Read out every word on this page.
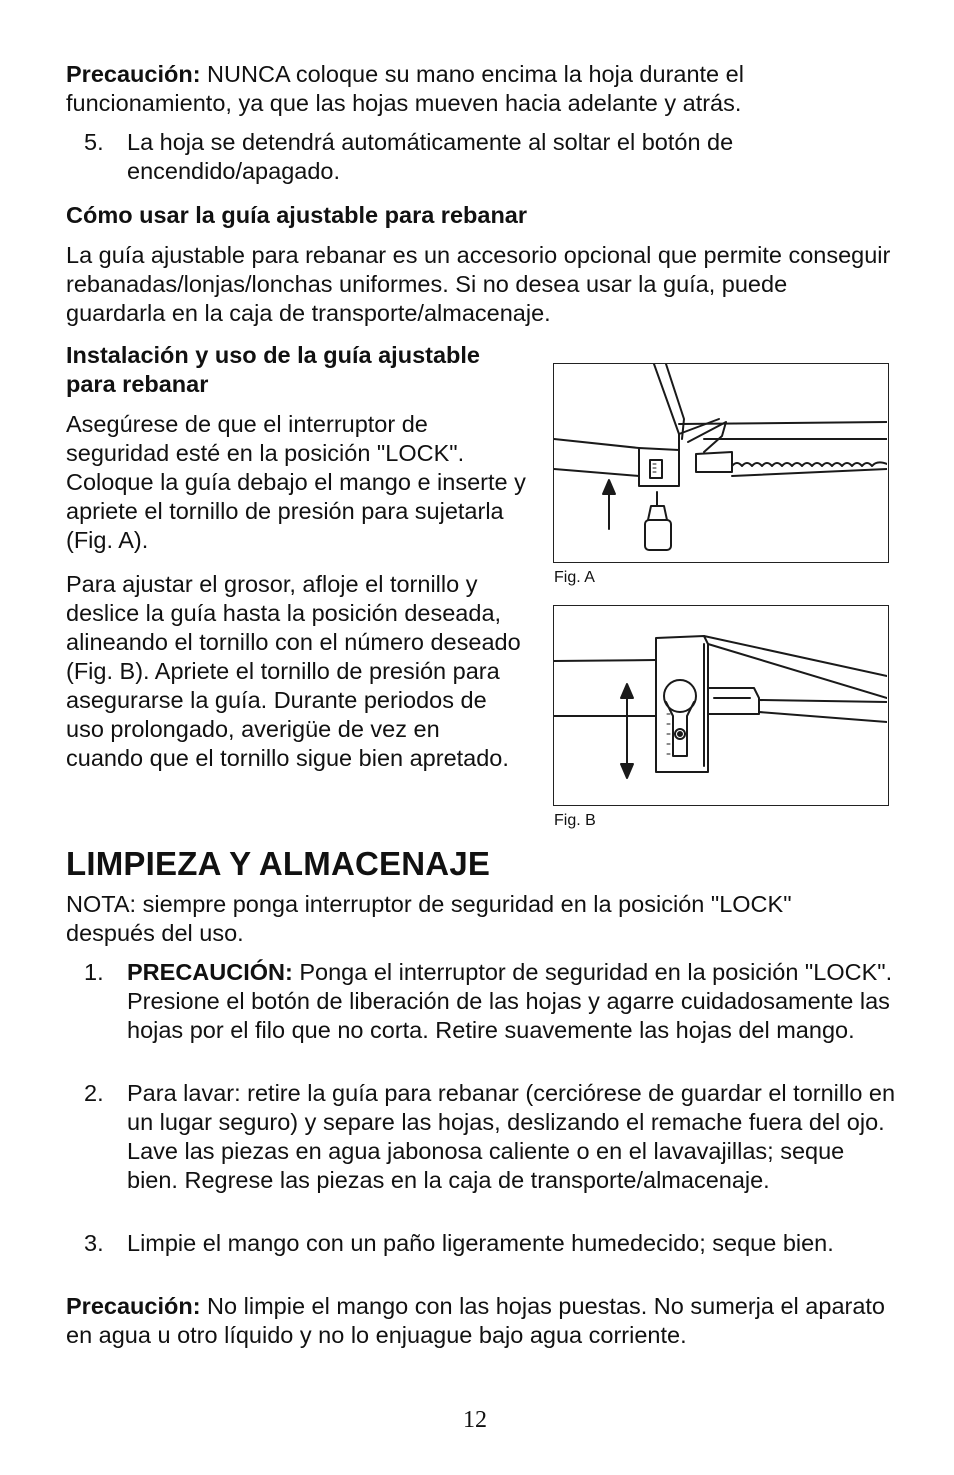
Precaución: NUNCA coloque su mano encima la hoja durante el funcionamiento, ya que las hojas mueven hacia adelante y atrás.

5. La hoja se detendrá automáticamente al soltar el botón de encendido/apagado.

Cómo usar la guía ajustable para rebanar

La guía ajustable para rebanar es un accesorio opcional que permite conseguir rebanadas/lonjas/lonchas uniformes. Si no desea usar la guía, puede guardarla en la caja de transporte/almacenaje.

Instalación y uso de la guía ajustable para rebanar

Asegúrese de que el interruptor de seguridad esté en la posición "LOCK". Coloque la guía debajo el mango e inserte y apriete el tornillo de presión para sujetarla (Fig. A).

Para ajustar el grosor, afloje el tornillo y deslice la guía hasta la posición deseada, alineando el tornillo con el número deseado (Fig. B). Apriete el tornillo de presión para asegurarse la guía. Durante periodos de uso prolongado, averigüe de vez en cuando que el tornillo sigue bien apretado.

Fig. A
Fig. B
LIMPIEZA Y ALMACENAJE

NOTA: siempre ponga interruptor de seguridad en la posición "LOCK" después del uso.

1. PRECAUCIÓN: Ponga el interruptor de seguridad en la posición "LOCK". Presione el botón de liberación de las hojas y agarre cuidadosamente las hojas por el filo que no corta. Retire suavemente las hojas del mango.

2. Para lavar: retire la guía para rebanar (cerciórese de guardar el tornillo en un lugar seguro) y separe las hojas, deslizando el remache fuera del ojo. Lave las piezas en agua jabonosa caliente o en el lavavajillas; seque bien. Regrese las piezas en la caja de transporte/almacenaje.

3. Limpie el mango con un paño ligeramente humedecido; seque bien.

Precaución: No limpie el mango con las hojas puestas. No sumerja el aparato en agua u otro líquido y no lo enjuague bajo agua corriente.

12
